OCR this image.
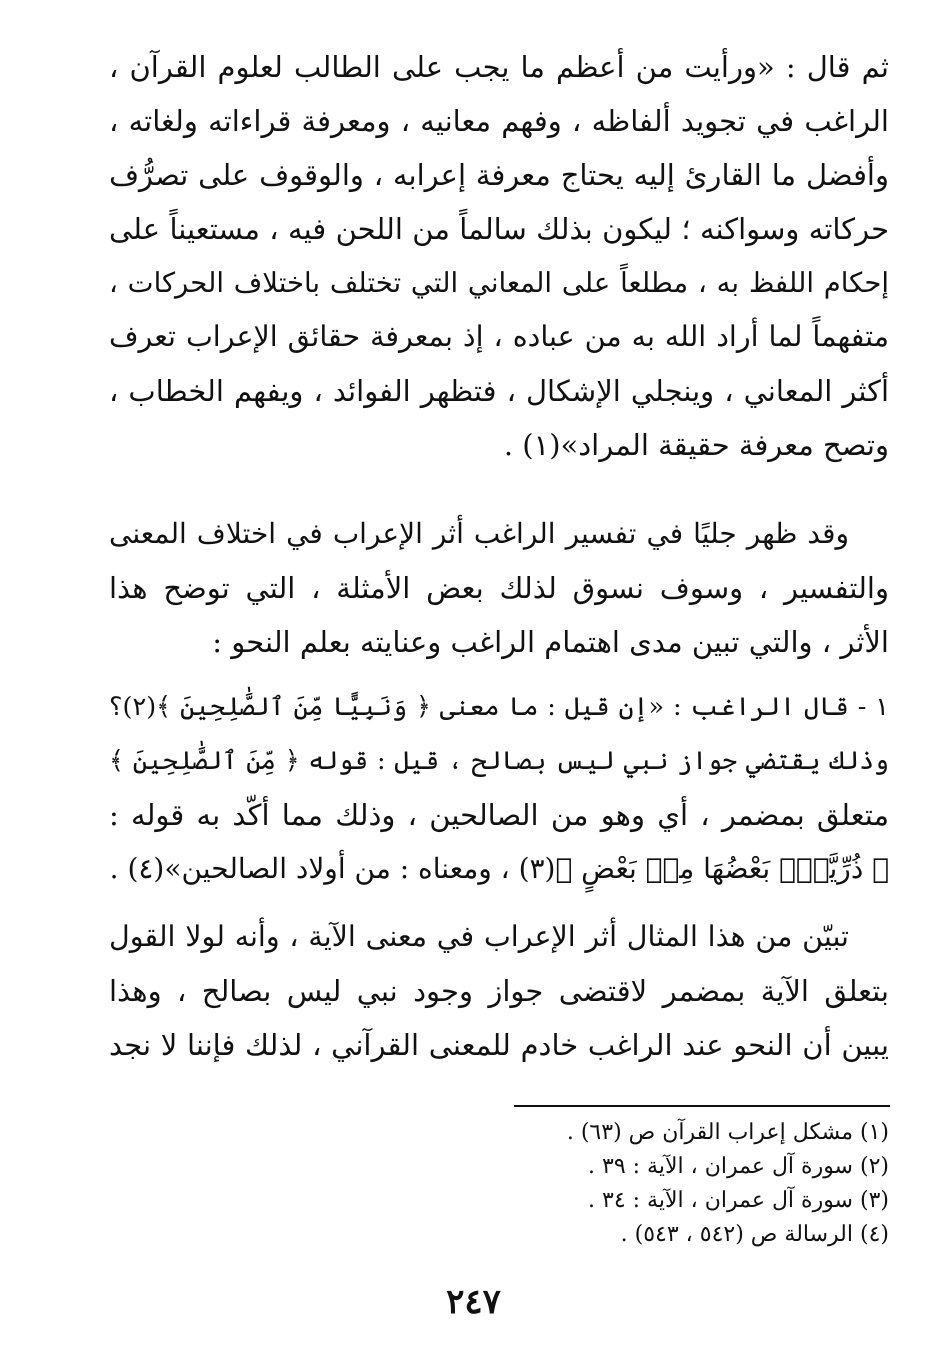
ثم قال : «ورأيت من أعظم ما يجب على الطالب لعلوم القرآن ،
الراغب في تجويد ألفاظه ، وفهم معانيه ، ومعرفة قراءاته ولغاته ،
وأفضل ما القارئ إليه يحتاج معرفة إعرابه ، والوقوف على تصرُّف
حركاته وسواكنه ؛ ليكون بذلك سالماً من اللحن فيه ، مستعيناً على
إحكام اللفظ به ، مطلعاً على المعاني التي تختلف باختلاف الحركات ،
متفهماً لما أراد الله به من عباده ، إذ بمعرفة حقائق الإعراب تعرف
أكثر المعاني ، وينجلي الإشكال ، فتظهر الفوائد ، ويفهم الخطاب ،
وتصح معرفة حقيقة المراد»(١) .
وقد ظهر جليًا في تفسير الراغب أثر الإعراب في اختلاف المعنى
والتفسير ، وسوف نسوق لذلك بعض الأمثلة ، التي توضح هذا
الأثر ، والتي تبين مدى اهتمام الراغب وعنايته بعلم النحو :
١ - قال الراغب : «إن قيل : ما معنى ﴿ وَنَبِيًّا مِّنَ ٱلصَّٰلِحِينَ ﴾(٢)؟
وذلك يقتضي جواز نبي ليس بصالح ، قيل : قوله ﴿ مِّنَ ٱلصَّٰلِحِينَ ﴾
متعلق بمضمر ، أي وهو من الصالحين ، وذلك مما أكّد به قوله :
﴿ ذُرِّيَّةًۢ بَعْضُهَا مِنۢ بَعْضٍ ﴾(٣) ، ومعناه : من أولاد الصالحين»(٤) .
تبيّن من هذا المثال أثر الإعراب في معنى الآية ، وأنه لولا القول
بتعلق الآية بمضمر لاقتضى جواز وجود نبي ليس بصالح ، وهذا
يبين أن النحو عند الراغب خادم للمعنى القرآني ، لذلك فإننا لا نجد
(١) مشكل إعراب القرآن ص (٦٣) .
(٢) سورة آل عمران ، الآية : ٣٩ .
(٣) سورة آل عمران ، الآية : ٣٤ .
(٤) الرسالة ص (٥٤٢ ، ٥٤٣) .
٢٤٧
